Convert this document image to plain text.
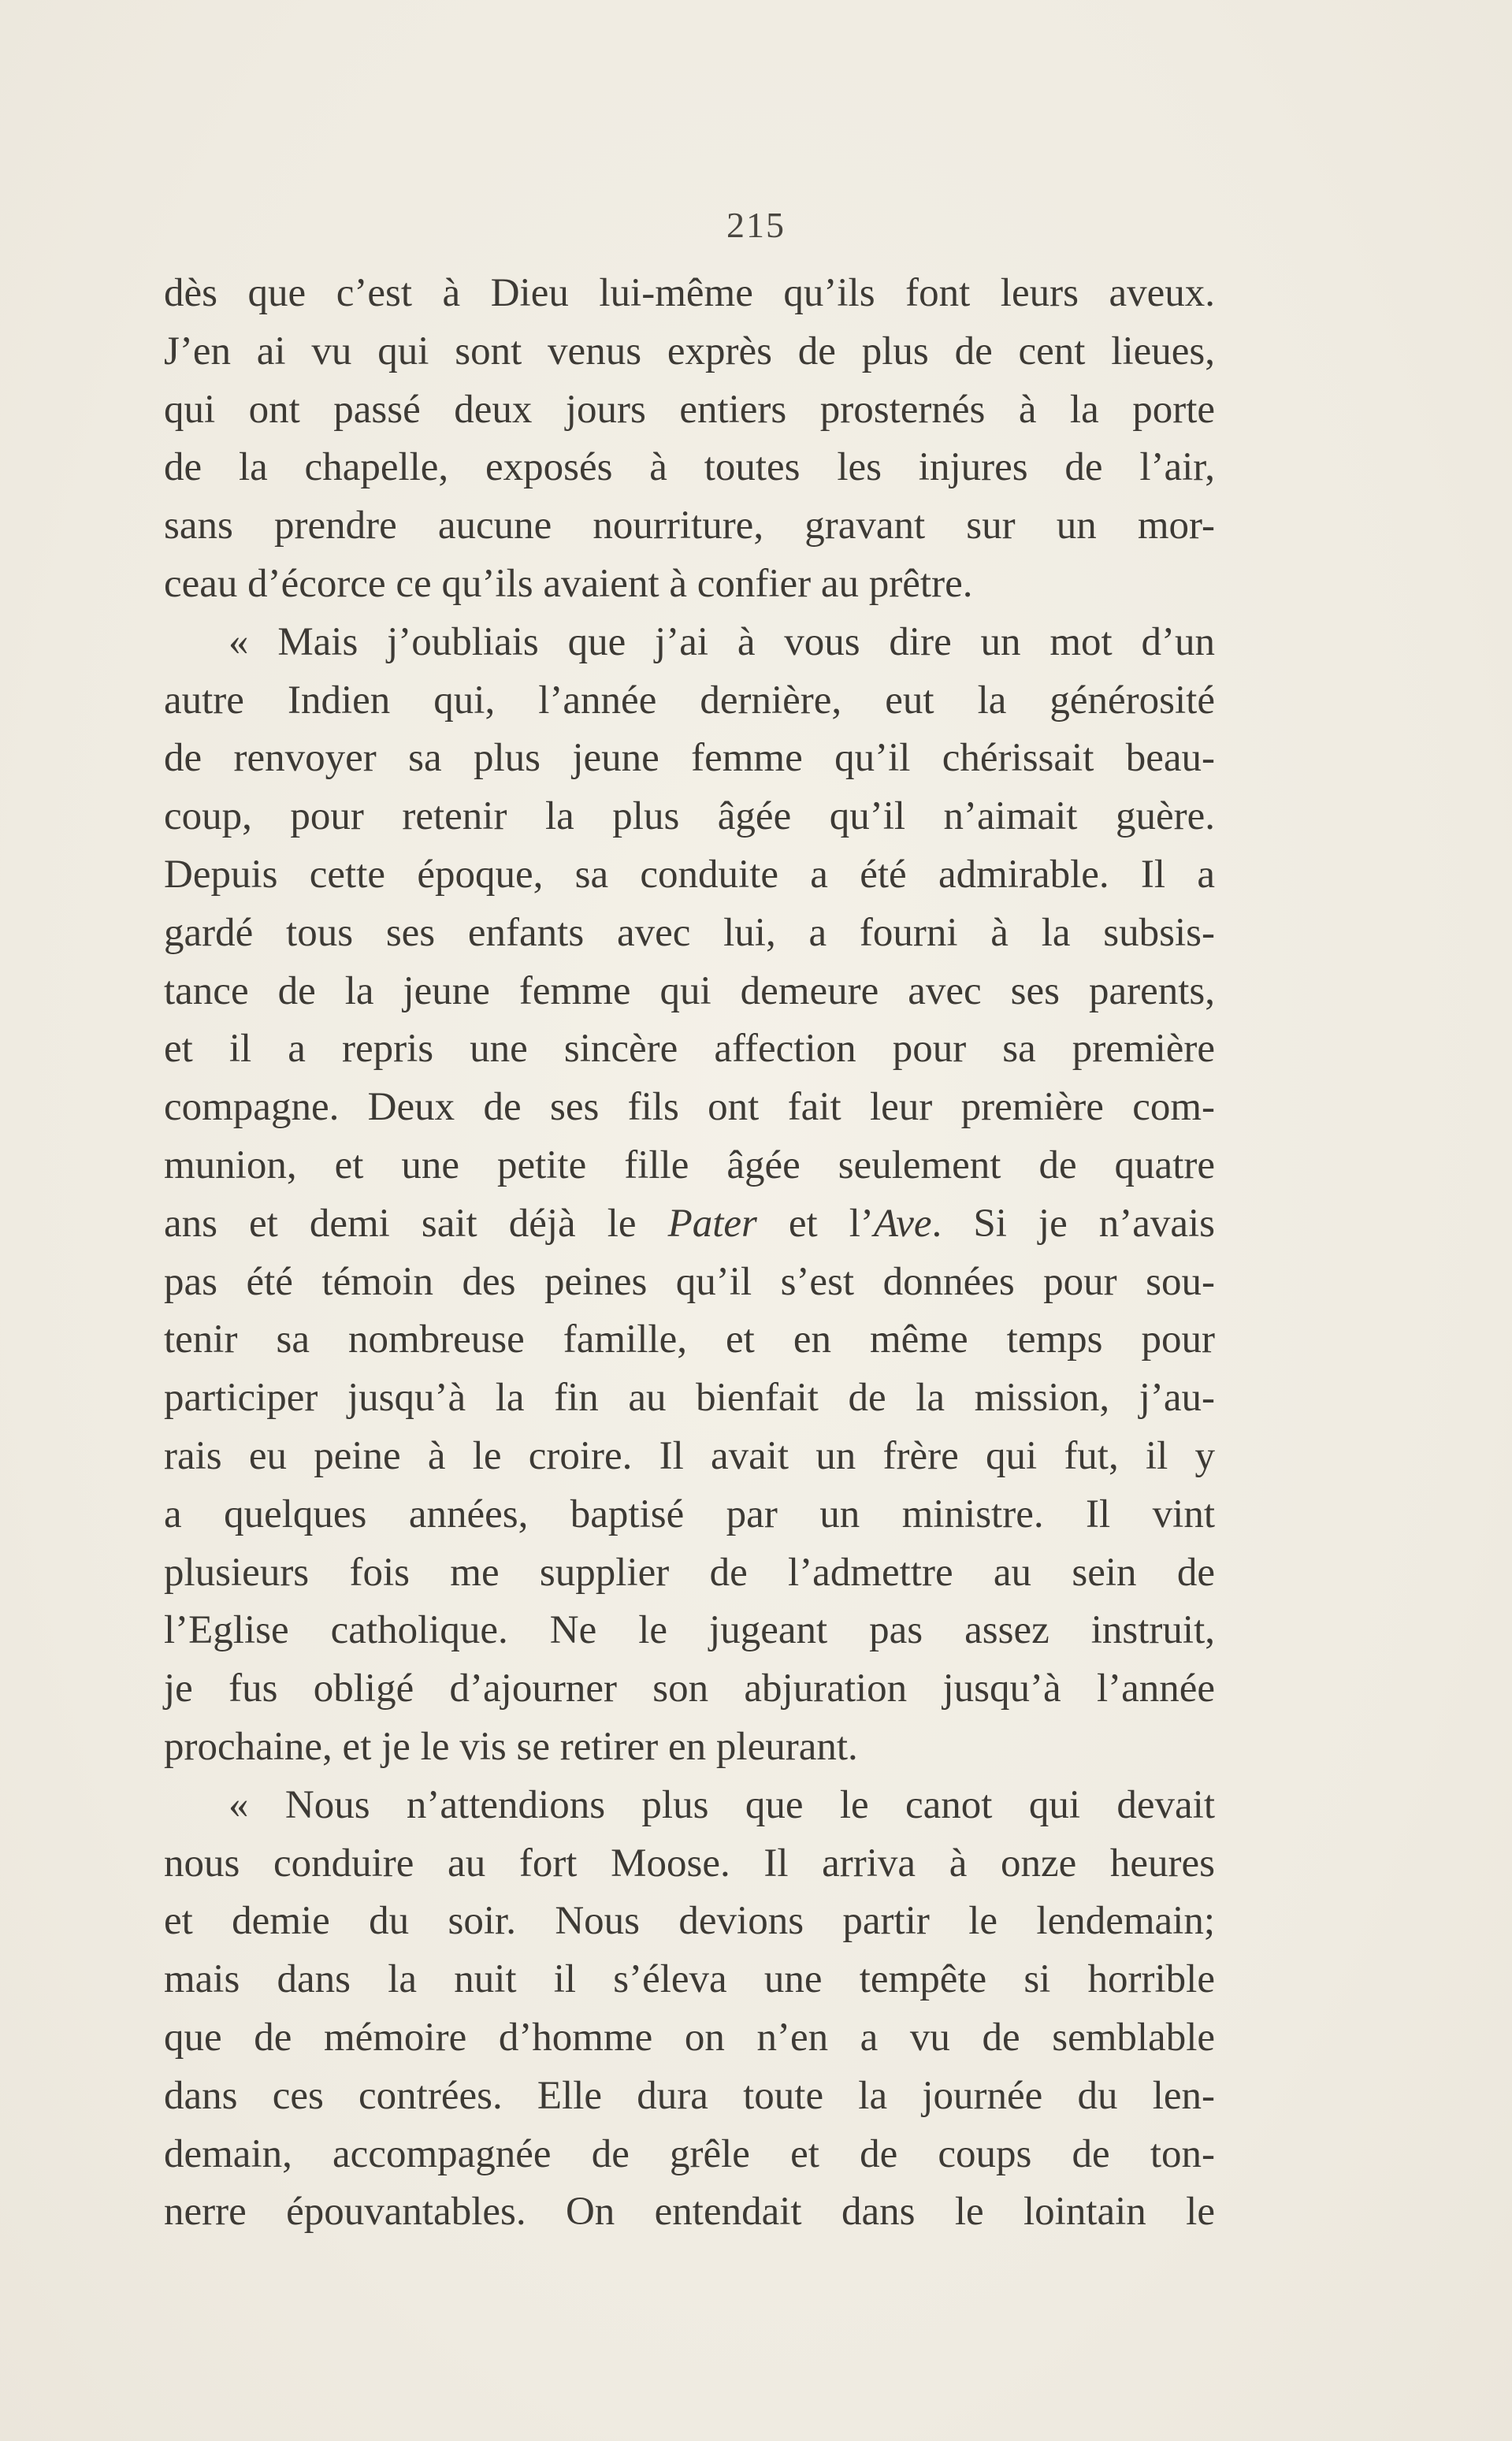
215
dès que c’est à Dieu lui-même qu’ils font leurs aveux.
J’en ai vu qui sont venus exprès de plus de cent lieues,
qui ont passé deux jours entiers prosternés à la porte
de la chapelle, exposés à toutes les injures de l’air,
sans prendre aucune nourriture, gravant sur un mor-
ceau d’écorce ce qu’ils avaient à confier au prêtre.
« Mais j’oubliais que j’ai à vous dire un mot d’un
autre Indien qui, l’année dernière, eut la générosité
de renvoyer sa plus jeune femme qu’il chérissait beau-
coup, pour retenir la plus âgée qu’il n’aimait guère.
Depuis cette époque, sa conduite a été admirable. Il a
gardé tous ses enfants avec lui, a fourni à la subsis-
tance de la jeune femme qui demeure avec ses parents,
et il a repris une sincère affection pour sa première
compagne. Deux de ses fils ont fait leur première com-
munion, et une petite fille âgée seulement de quatre
ans et demi sait déjà le Pater et l’Ave. Si je n’avais
pas été témoin des peines qu’il s’est données pour sou-
tenir sa nombreuse famille, et en même temps pour
participer jusqu’à la fin au bienfait de la mission, j’au-
rais eu peine à le croire. Il avait un frère qui fut, il y
a quelques années, baptisé par un ministre. Il vint
plusieurs fois me supplier de l’admettre au sein de
l’Eglise catholique. Ne le jugeant pas assez instruit,
je fus obligé d’ajourner son abjuration jusqu’à l’année
prochaine, et je le vis se retirer en pleurant.
« Nous n’attendions plus que le canot qui devait
nous conduire au fort Moose. Il arriva à onze heures
et demie du soir. Nous devions partir le lendemain;
mais dans la nuit il s’éleva une tempête si horrible
que de mémoire d’homme on n’en a vu de semblable
dans ces contrées. Elle dura toute la journée du len-
demain, accompagnée de grêle et de coups de ton-
nerre épouvantables. On entendait dans le lointain le
